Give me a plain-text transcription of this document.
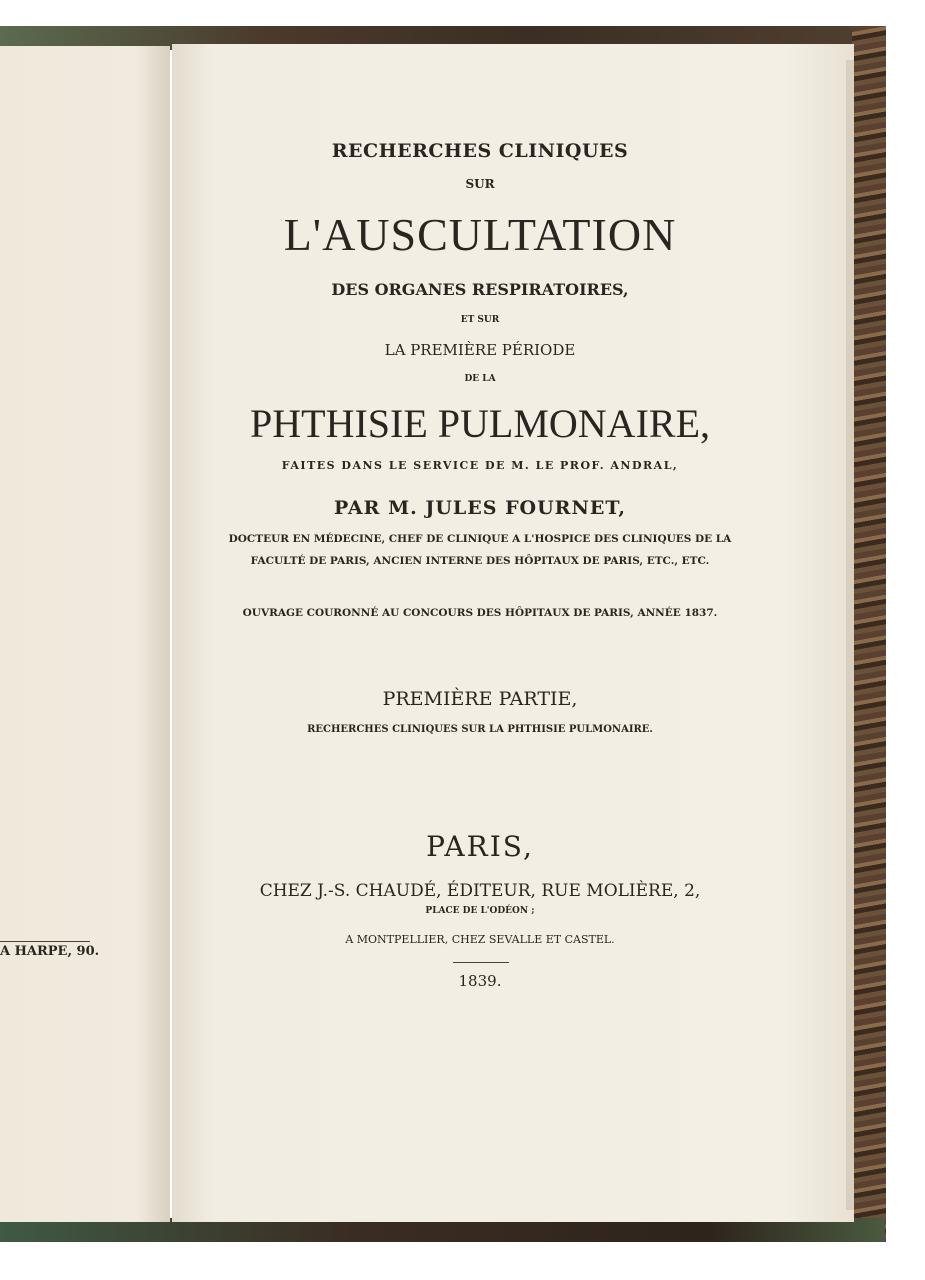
A HARPE, 90.
RECHERCHES CLINIQUES
SUR
L'AUSCULTATION
DES ORGANES RESPIRATOIRES,
ET SUR
LA PREMIÈRE PÉRIODE
DE LA
PHTHISIE PULMONAIRE,
FAITES DANS LE SERVICE DE M. LE PROF. ANDRAL,
PAR M. JULES FOURNET,
DOCTEUR EN MÉDECINE, CHEF DE CLINIQUE A L'HOSPICE DES CLINIQUES DE LA
FACULTÉ DE PARIS, ANCIEN INTERNE DES HÔPITAUX DE PARIS, ETC., ETC.
OUVRAGE COURONNÉ AU CONCOURS DES HÔPITAUX DE PARIS, ANNÉE 1837.
PREMIÈRE PARTIE,
RECHERCHES CLINIQUES SUR LA PHTHISIE PULMONAIRE.
PARIS,
CHEZ J.-S. CHAUDÉ, ÉDITEUR, RUE MOLIÈRE, 2,
PLACE DE L'ODÉON ;
A MONTPELLIER, CHEZ SEVALLE ET CASTEL.
1839.
